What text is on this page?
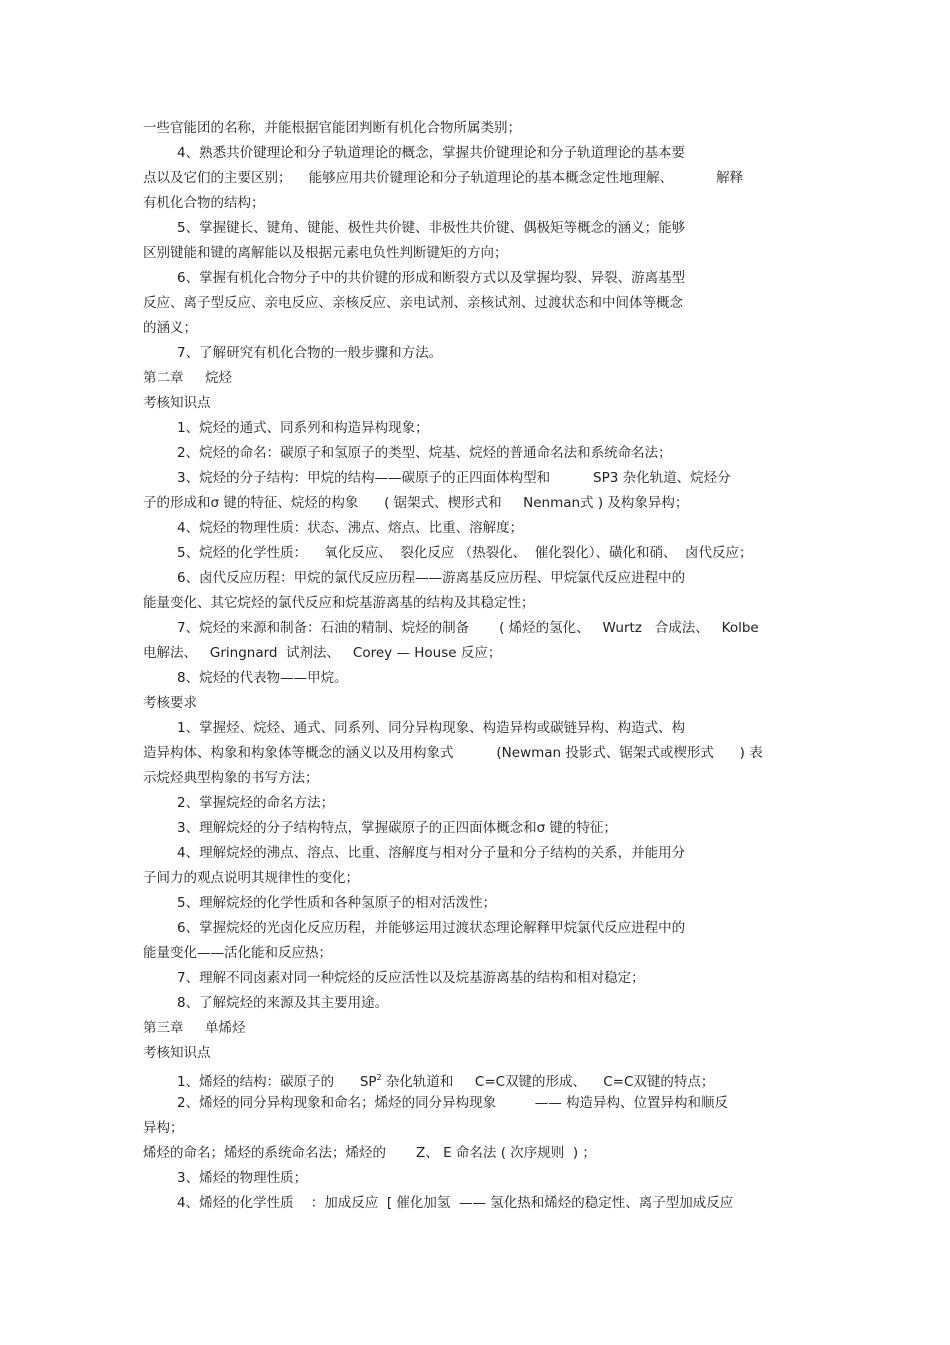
一些官能团的名称，并能根据官能团判断有机化合物所属类别；
4、熟悉共价键理论和分子轨道理论的概念，掌握共价键理论和分子轨道理论的基本要
点以及它们的主要区别；    能够应用共价键理论和分子轨道理论的基本概念定性地理解、          解释
有机化合物的结构；
5、掌握键长、键角、键能、极性共价键、非极性共价键、偶极矩等概念的涵义；能够
区别键能和键的离解能以及根据元素电负性判断键矩的方向；
6、掌握有机化合物分子中的共价键的形成和断裂方式以及掌握均裂、异裂、游离基型
反应、离子型反应、亲电反应、亲核反应、亲电试剂、亲核试剂、过渡状态和中间体等概念
的涵义；
7、了解研究有机化合物的一般步骤和方法。
第二章     烷烃
考核知识点
1、烷烃的通式、同系列和构造异构现象；
2、烷烃的命名：碳原子和氢原子的类型、烷基、烷烃的普通命名法和系统命名法；
3、烷烃的分子结构：甲烷的结构——碳原子的正四面体构型和          SP3 杂化轨道、烷烃分
子的形成和σ 键的特征、烷烃的构象      ( 锯架式、楔形式和     Nenman式 ) 及构象异构；
4、烷烃的物理性质：状态、沸点、熔点、比重、溶解度；
5、烷烃的化学性质：    氧化反应、  裂化反应 （热裂化、  催化裂化）、磺化和硝、  卤代反应；
6、卤代反应历程：甲烷的氯代反应历程——游离基反应历程、甲烷氯代反应进程中的
能量变化、其它烷烃的氯代反应和烷基游离基的结构及其稳定性；
7、烷烃的来源和制备：石油的精制、烷烃的制备       ( 烯烃的氢化、   Wurtz   合成法、   Kolbe
电解法、   Gringnard  试剂法、   Corey — House 反应；
8、烷烃的代表物——甲烷。
考核要求
1、掌握烃、烷烃、通式、同系列、同分异构现象、构造异构或碳链异构、构造式、构
造异构体、构象和构象体等概念的涵义以及用构象式          (Newman 投影式、锯架式或楔形式      ) 表
示烷烃典型构象的书写方法；
2、掌握烷烃的命名方法；
3、理解烷烃的分子结构特点，掌握碳原子的正四面体概念和σ 键的特征；
4、理解烷烃的沸点、溶点、比重、溶解度与相对分子量和分子结构的关系，并能用分
子间力的观点说明其规律性的变化；
5、理解烷烃的化学性质和各种氢原子的相对活泼性；
6、掌握烷烃的光卤化反应历程，并能够运用过渡状态理论解释甲烷氯代反应进程中的
能量变化——活化能和反应热；
7、理解不同卤素对同一种烷烃的反应活性以及烷基游离基的结构和相对稳定；
8、了解烷烃的来源及其主要用途。
第三章     单烯烃
考核知识点
1、烯烃的结构：碳原子的      $SP^2$ 杂化轨道和     C=C双键的形成、    C=C双键的特点；
2、烯烃的同分异构现象和命名；烯烃的同分异构现象         —— 构造异构、位置异构和顺反
异构；
烯烃的命名；烯烃的系统命名法；烯烃的       Z、 E 命名法 ( 次序规则  ) ；
3、烯烃的物理性质；
4、烯烃的化学性质    ：加成反应  [ 催化加氢  —— 氢化热和烯烃的稳定性、离子型加成反应
